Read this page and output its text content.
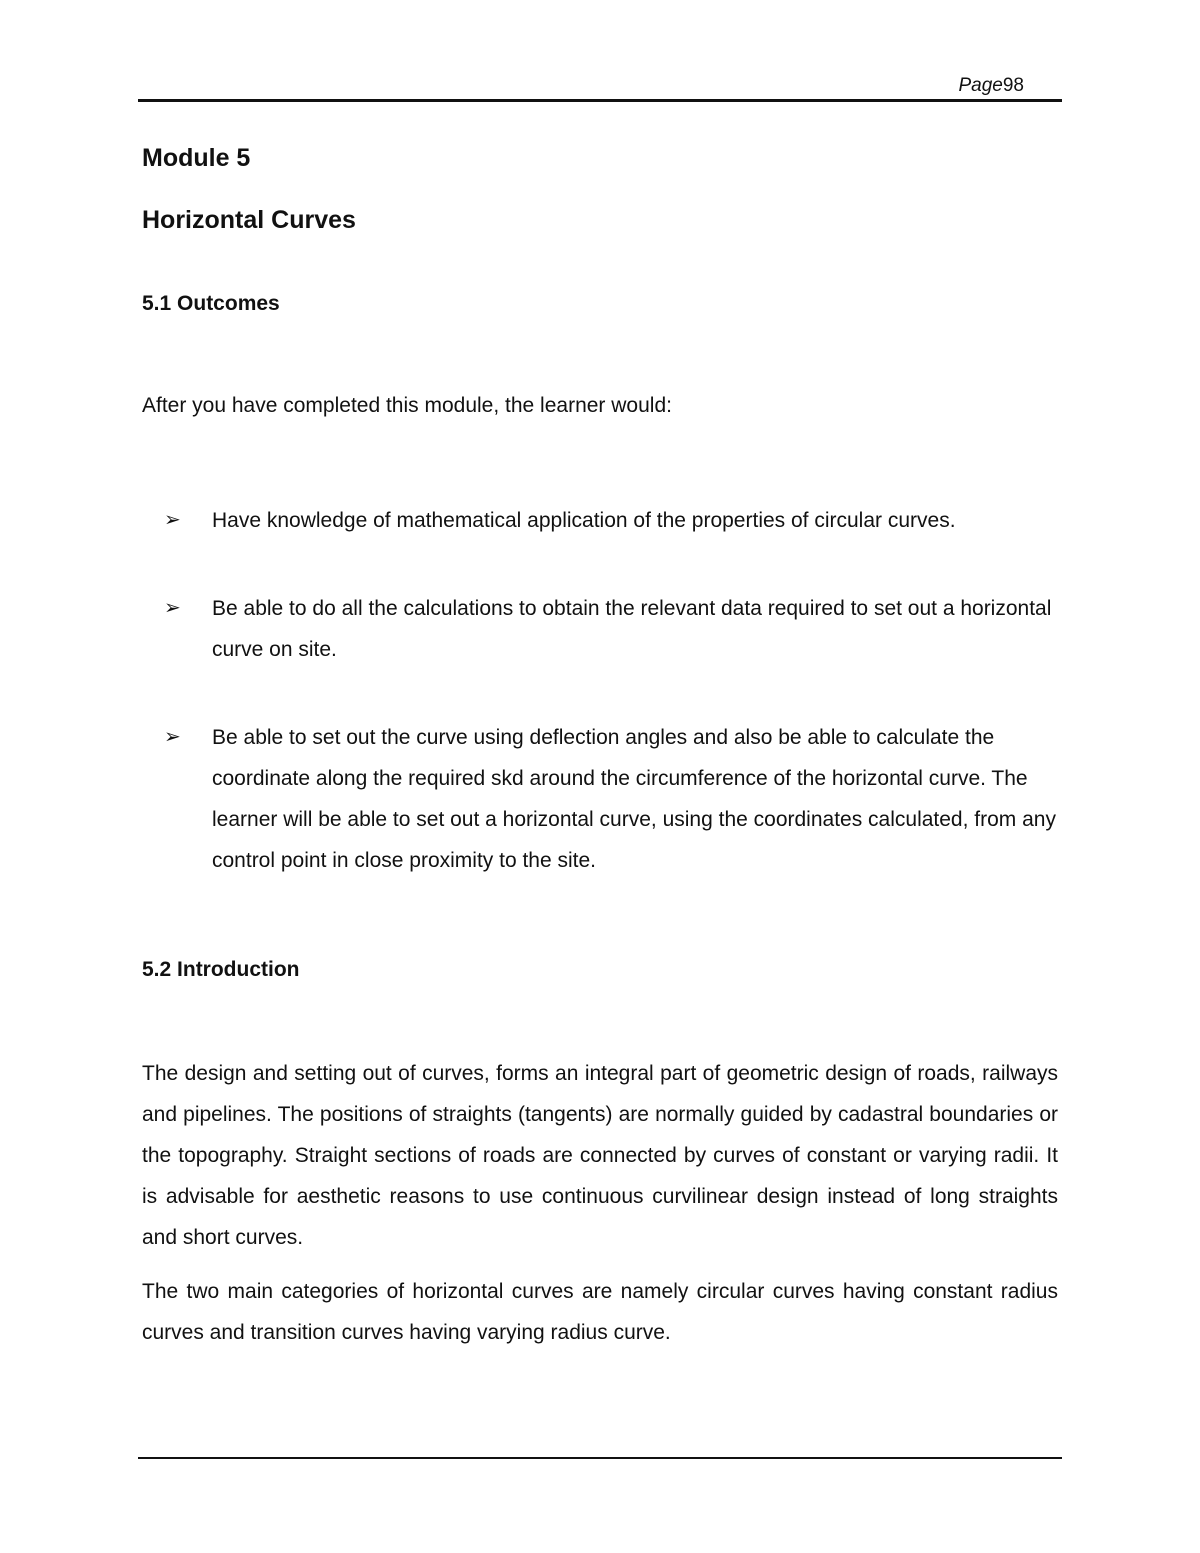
Page98
Module 5
Horizontal Curves
5.1 Outcomes

After you have completed this module, the learner would:

➢ Have knowledge of mathematical application of the properties of circular curves.
➢ Be able to do all the calculations to obtain the relevant data required to set out a horizontal curve on site.
➢ Be able to set out the curve using deflection angles and also be able to calculate the coordinate along the required skd around the circumference of the horizontal curve. The learner will be able to set out a horizontal curve, using the coordinates calculated, from any control point in close proximity to the site.
5.2 Introduction

The design and setting out of curves, forms an integral part of geometric design of roads, railways and pipelines. The positions of straights (tangents) are normally guided by cadastral boundaries or the topography. Straight sections of roads are connected by curves of constant or varying radii. It is advisable for aesthetic reasons to use continuous curvilinear design instead of long straights and short curves.

The two main categories of horizontal curves are namely circular curves having constant radius curves and transition curves having varying radius curve.
